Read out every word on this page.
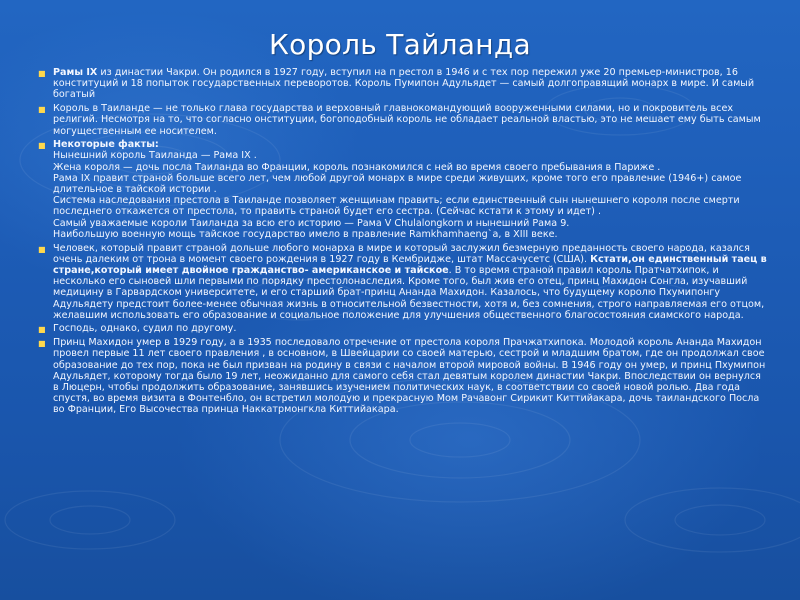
Король Тайланда
■ Рамы IX из династии Чакри. Он родился в 1927 году, вступил на п рестол в 1946 и с тех пор пережил уже 20 премьер-министров, 16 конституций и 18 попыток государственных переворотов. Король Пумипон Адульядет — самый долгоправящий монарх в мире. И самый богатый
■ Король в Таиланде — не только глава государства и верховный главнокомандующий вооруженными силами, но и покровитель всех религий. Несмотря на то, что согласно онституции, богоподобный король не обладает реальной властью, это не мешает ему быть самым могущественным ее носителем.
■ Некоторые факты:
Нынешний король Таиланда — Рама IX .
Жена короля — дочь посла Таиланда во Франции, король познакомился с ней во время своего пребывания в Париже .
Рама IX правит страной больше всего лет, чем любой другой монарх в мире среди живущих, кроме того его правление (1946+) самое длительное в тайской истории .
Система наследования престола в Таиланде позволяет женщинам править; если единственный сын нынешнего короля после смерти последнего откажется от престола, то править страной будет его сестра. (Сейчас кстати к этому и идет) .
Самый уважаемые короли Таиланда за всю его историю — Рама V Chulalongkorn и нынешний Рама 9.
Наибольшую военную мощь тайское государство имело в правление Ramkhamhaeng`a, в XIII веке.
■ Человек, который правит страной дольше любого монарха в мире и который заслужил безмерную преданность своего народа, казался очень далеким от трона в момент своего рождения в 1927 году в Кембридже, штат Массачусетс (США). Кстати,он единственный таец в стране,который имеет двойное гражданство- американское и тайское. В то время страной правил король Пратчатхипок, и несколько его сыновей шли первыми по порядку престолонаследия. Кроме того, был жив его отец, принц Махидон Сонгла, изучавший медицину в Гарвардском университете, и его старший брат-принц Ананда Махидон. Казалось, что будущему королю Пхумипонгу Адульядету предстоит более-менее обычная жизнь в относительной безвестности, хотя и, без сомнения, строго направляемая его отцом, желавшим использовать его образование и социальное положение для улучшения общественного благосостояния сиамского народа.
■ Господь, однако, судил по другому.
■ Принц Махидон умер в 1929 году, а в 1935 последовало отречение от престола короля Прачжатхипока. Молодой король Ананда Махидон провел первые 11 лет своего правления , в основном, в Швейцарии со своей матерью, сестрой и младшим братом, где он продолжал свое образование до тех пор, пока не был призван на родину в связи с началом второй мировой войны. В 1946 году он умер, и принц Пхумипон Адульядет, которому тогда было 19 лет, неожиданно для самого себя стал девятым королем династии Чакри. Впоследствии он вернулся в Люцерн, чтобы продолжить образование, занявшись изучением политических наук, в соответствии со своей новой ролью. Два года спустя, во время визита в Фонтенбло, он встретил молодую и прекрасную Мом Рачавонг Сирикит Киттийакара, дочь таиландского Посла во Франции, Его Высочества принца Наккатрмонгкла Киттийакара.
